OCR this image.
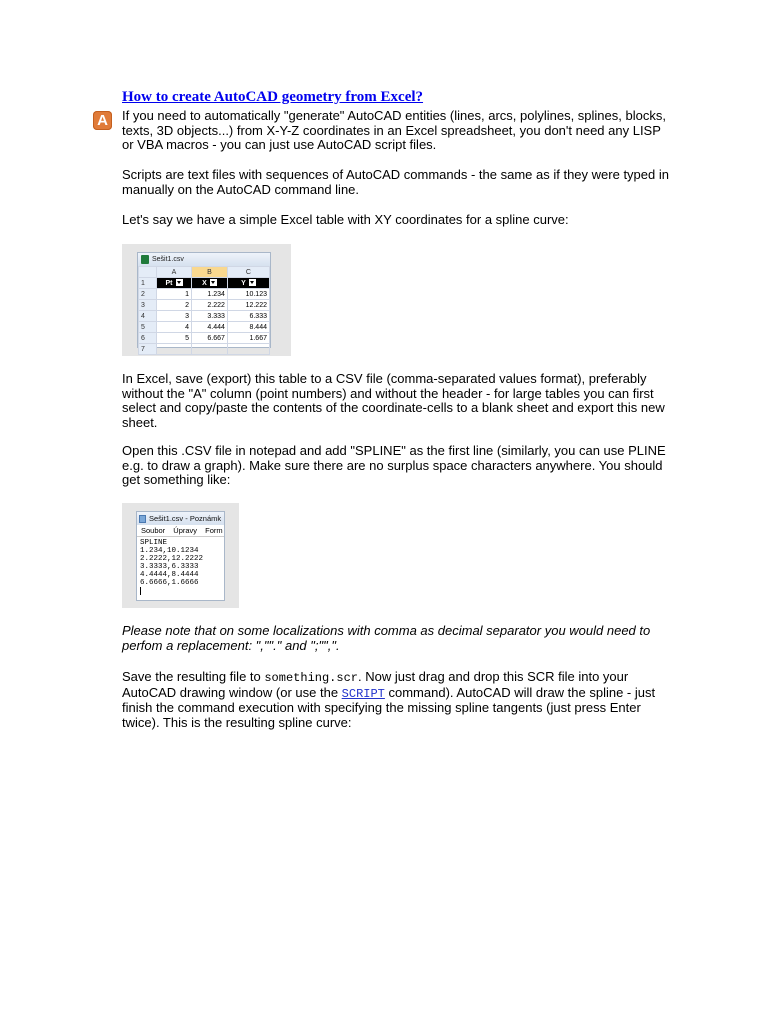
How to create AutoCAD geometry from Excel?
A	If you need to automatically "generate" AutoCAD entities (lines, arcs, polylines, splines, blocks,
texts, 3D objects...) from X-Y-Z coordinates in an Excel spreadsheet, you don't need any LISP
or VBA macros - you can just use AutoCAD script files.
Scripts are text files with sequences of AutoCAD commands - the same as if they were typed in
manually on the AutoCAD command line.
Let's say we have a simple Excel table with XY coordinates for a spline curve:
Sešit1.csv
	A	B	C
1	Pt	X	Y
2	1	1.234	10.123
3	2	2.222	12.222
4	3	3.333	6.333
5	4	4.444	8.444
6	5	6.667	1.667
7			
In Excel, save (export) this table to a CSV file (comma-separated values format), preferably
without the "A" column (point numbers) and without the header - for large tables you can first
select and copy/paste the contents of the coordinate-cells to a blank sheet and export this new
sheet.
Open this .CSV file in notepad and add "SPLINE" as the first line (similarly, you can use PLINE
e.g. to draw a graph). Make sure there are no surplus space characters anywhere. You should
get something like:
Sešit1.csv - Poznámk
Soubor Úpravy Form
SPLINE
1.234,10.1234
2.2222,12.2222
3.3333,6.3333
4.4444,8.4444
6.6666,1.6666
Please note that on some localizations with comma as decimal separator you would need to
perfom a replacement: ",""." and ";"",".
Save the resulting file to something.scr. Now just drag and drop this SCR file into your
AutoCAD drawing window (or use the SCRIPT command). AutoCAD will draw the spline - just
finish the command execution with specifying the missing spline tangents (just press Enter
twice). This is the resulting spline curve:
